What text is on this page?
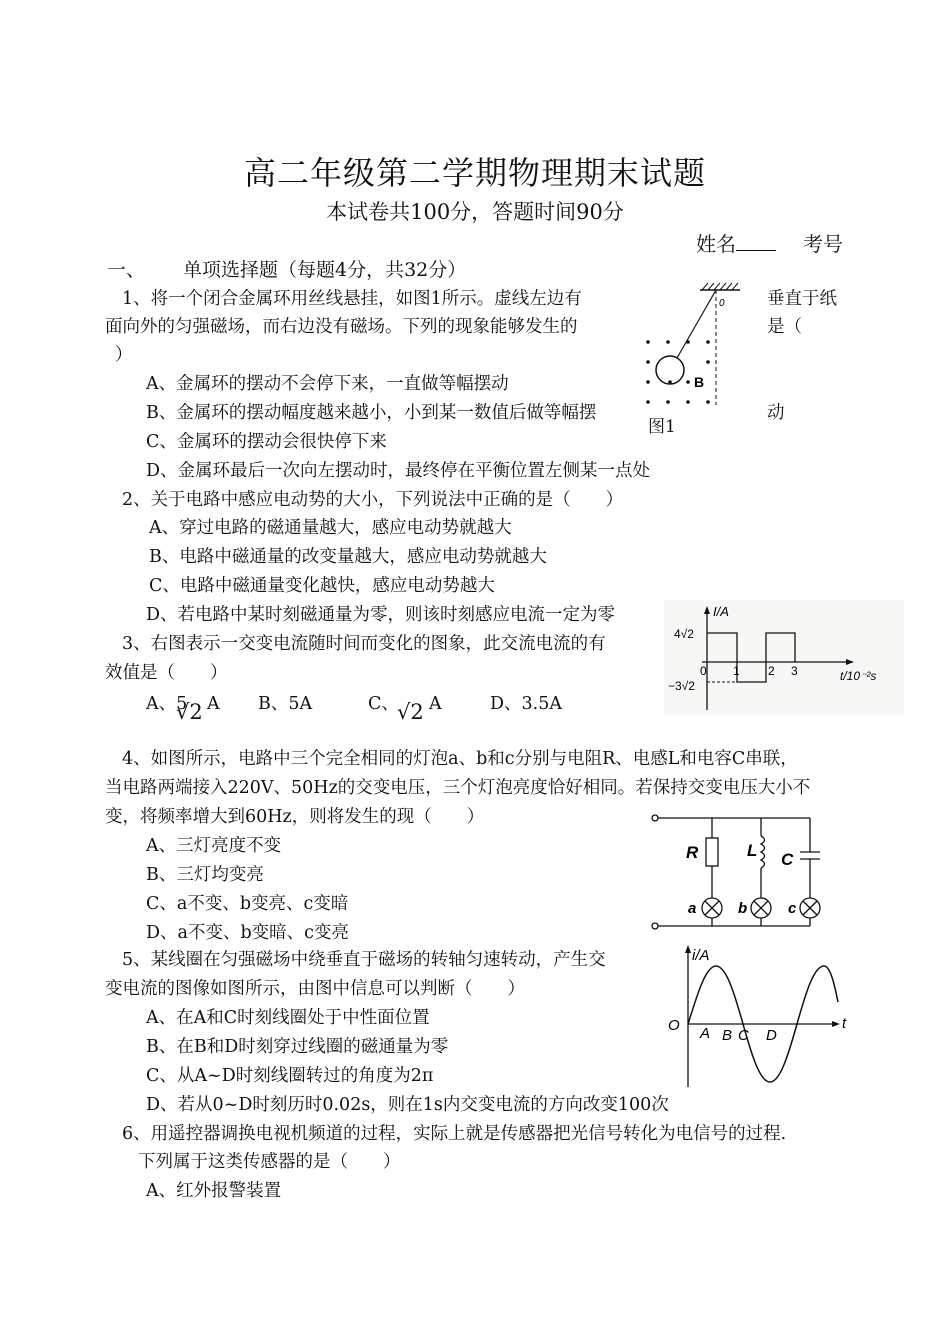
高二年级第二学期物理期末试题
本试卷共100分，答题时间90分
姓名	考号
一、 单项选择题（每题4分，共32分）
1、将一个闭合金属环用丝线悬挂，如图1所示。虚线左边有	垂直于纸
面向外的匀强磁场，而右边没有磁场。下列的现象能够发生的	是（
）
A、金属环的摆动不会停下来，一直做等幅摆动
B、金属环的摆动幅度越来越小，小到某一数值后做等幅摆	动
C、金属环的摆动会很快停下来
D、金属环最后一次向左摆动时，最终停在平衡位置左侧某一点处
0
B
图1
2、关于电路中感应电动势的大小，下列说法中正确的是（　　）
A、穿过电路的磁通量越大，感应电动势就越大
B、电路中磁通量的改变量越大，感应电动势就越大
C、电路中磁通量变化越快，感应电动势越大
D、若电路中某时刻磁通量为零，则该时刻感应电流一定为零
3、右图表示一交变电流随时间而变化的图象，此交流电流的有
效值是（　　）
A、5
√2 A B、5A	C、
√2 A	D、3.5A
I/A
4√2
−3√2
0 1 2 3	t/10⁻²s
4、如图所示，电路中三个完全相同的灯泡a、b和c分别与电阻R、电感L和电容C串联，
当电路两端接入220V、50Hz的交变电压，三个灯泡亮度恰好相同。若保持交变电压大小不
变，将频率增大到60Hz，则将发生的现（　　）
A、三灯亮度不变
B、三灯均变亮
C、a不变、b变亮、c变暗
D、a不变、b变暗、c变亮
R	L C
a	b	c
5、某线圈在匀强磁场中绕垂直于磁场的转轴匀速转动，产生交
变电流的图像如图所示，由图中信息可以判断（　　）
A、在A和C时刻线圈处于中性面位置
B、在B和D时刻穿过线圈的磁通量为零
C、从A~D时刻线圈转过的角度为2π
D、若从0~D时刻历时0.02s，则在1s内交变电流的方向改变100次
i/A
O	t
A B C D
6、用遥控器调换电视机频道的过程，实际上就是传感器把光信号转化为电信号的过程.
下列属于这类传感器的是（　　）
A、红外报警装置
